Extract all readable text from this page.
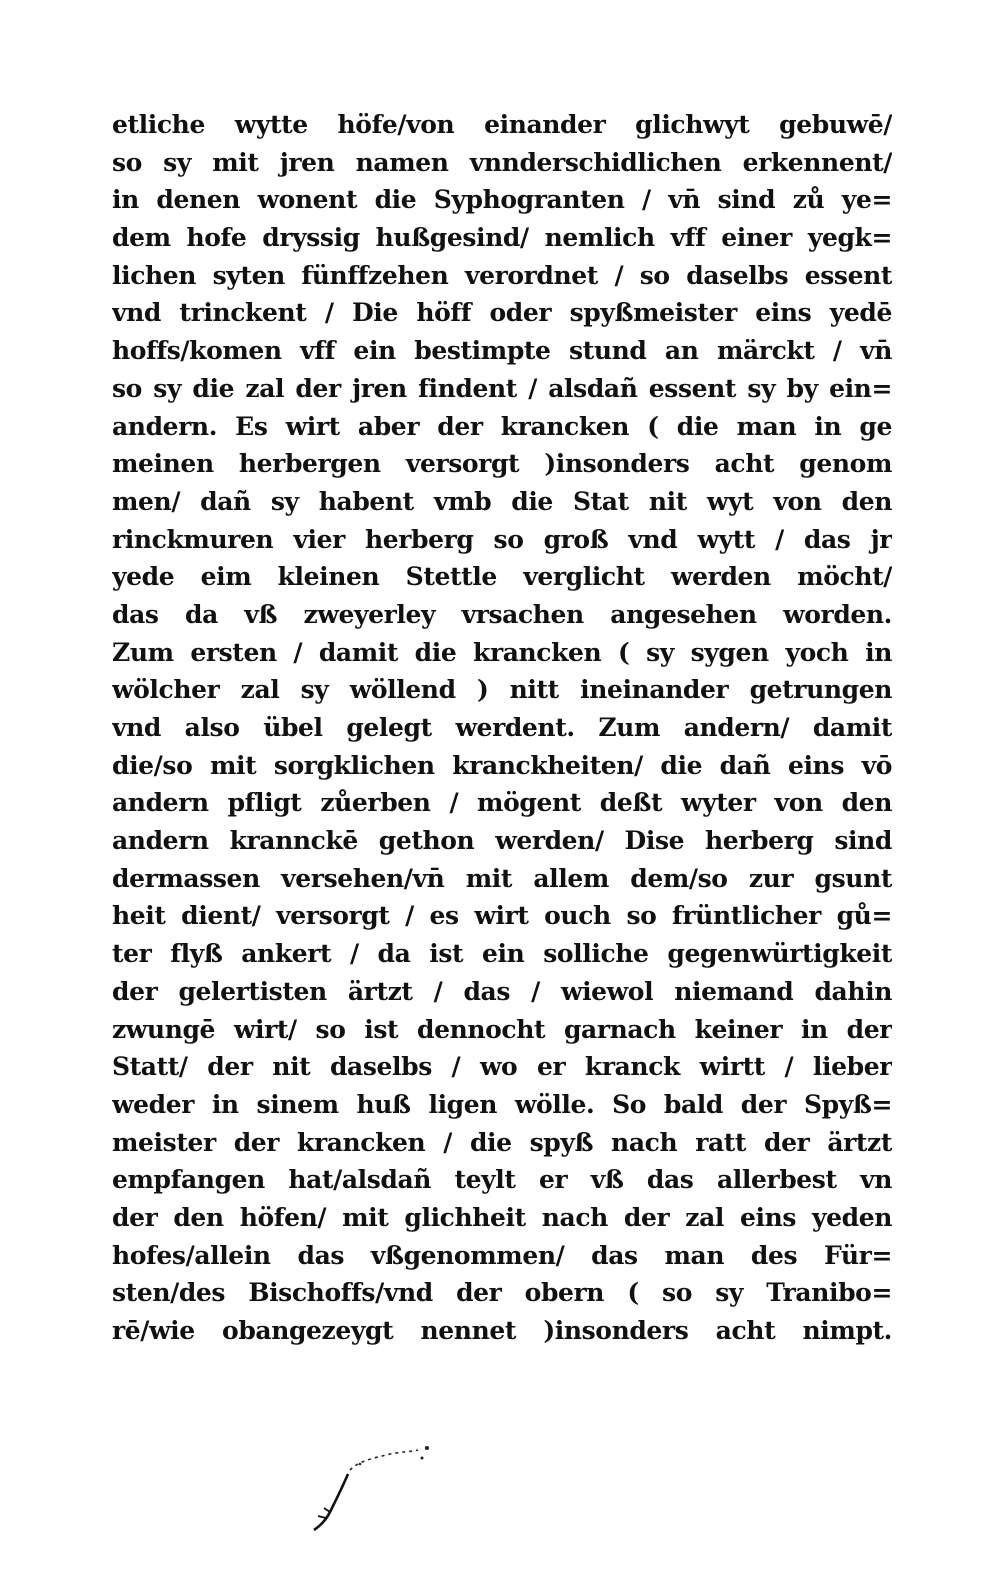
etliche wytte höfe/von einander glichwyt gebuwē/
so sy mit jren namen vnnderschidlichen erkennent/
in denen wonent die Syphogranten / vn̄ sind zů ye=
dem hofe dryssig hußgesind/ nemlich vff einer yegk=
lichen syten fünffzehen verordnet / so daselbs essent
vnd trinckent / Die höff oder spyßmeister eins yedē
hoffs/komen vff ein bestimpte stund an märckt / vn̄
so sy die zal der jren findent / alsdañ essent sy by ein=
andern. Es wirt aber der krancken ( die man in ge
meinen herbergen versorgt )insonders acht genom
men/ dañ sy habent vmb die Stat nit wyt von den
rinckmuren vier herberg so groß vnd wytt / das jr
yede eim kleinen Stettle verglicht werden möcht/
das da vß zweyerley vrsachen angesehen worden.
Zum ersten / damit die krancken ( sy sygen yoch in
wölcher zal sy wöllend ) nitt ineinander getrungen
vnd also übel gelegt werdent. Zum andern/ damit
die/so mit sorgklichen kranckheiten/ die dañ eins vō
andern pfligt zůerben / mögent deßt wyter von den
andern krannckē gethon werden/ Dise herberg sind
dermassen versehen/vn̄ mit allem dem/so zur gsunt
heit dient/ versorgt / es wirt ouch so früntlicher gů=
ter flyß ankert / da ist ein solliche gegenwürtigkeit
der gelertisten ärtzt / das / wiewol niemand dahin
zwungē wirt/ so ist dennocht garnach keiner in der
Statt/ der nit daselbs / wo er kranck wirtt / lieber
weder in sinem huß ligen wölle. So bald der Spyß=
meister der krancken / die spyß nach ratt der ärtzt
empfangen hat/alsdañ teylt er vß das allerbest vn
der den höfen/ mit glichheit nach der zal eins yeden
hofes/allein das vßgenommen/ das man des Für=
sten/des Bischoffs/vnd der obern ( so sy Tranibo=
rē/wie obangezeygt nennet )insonders acht nimpt.
